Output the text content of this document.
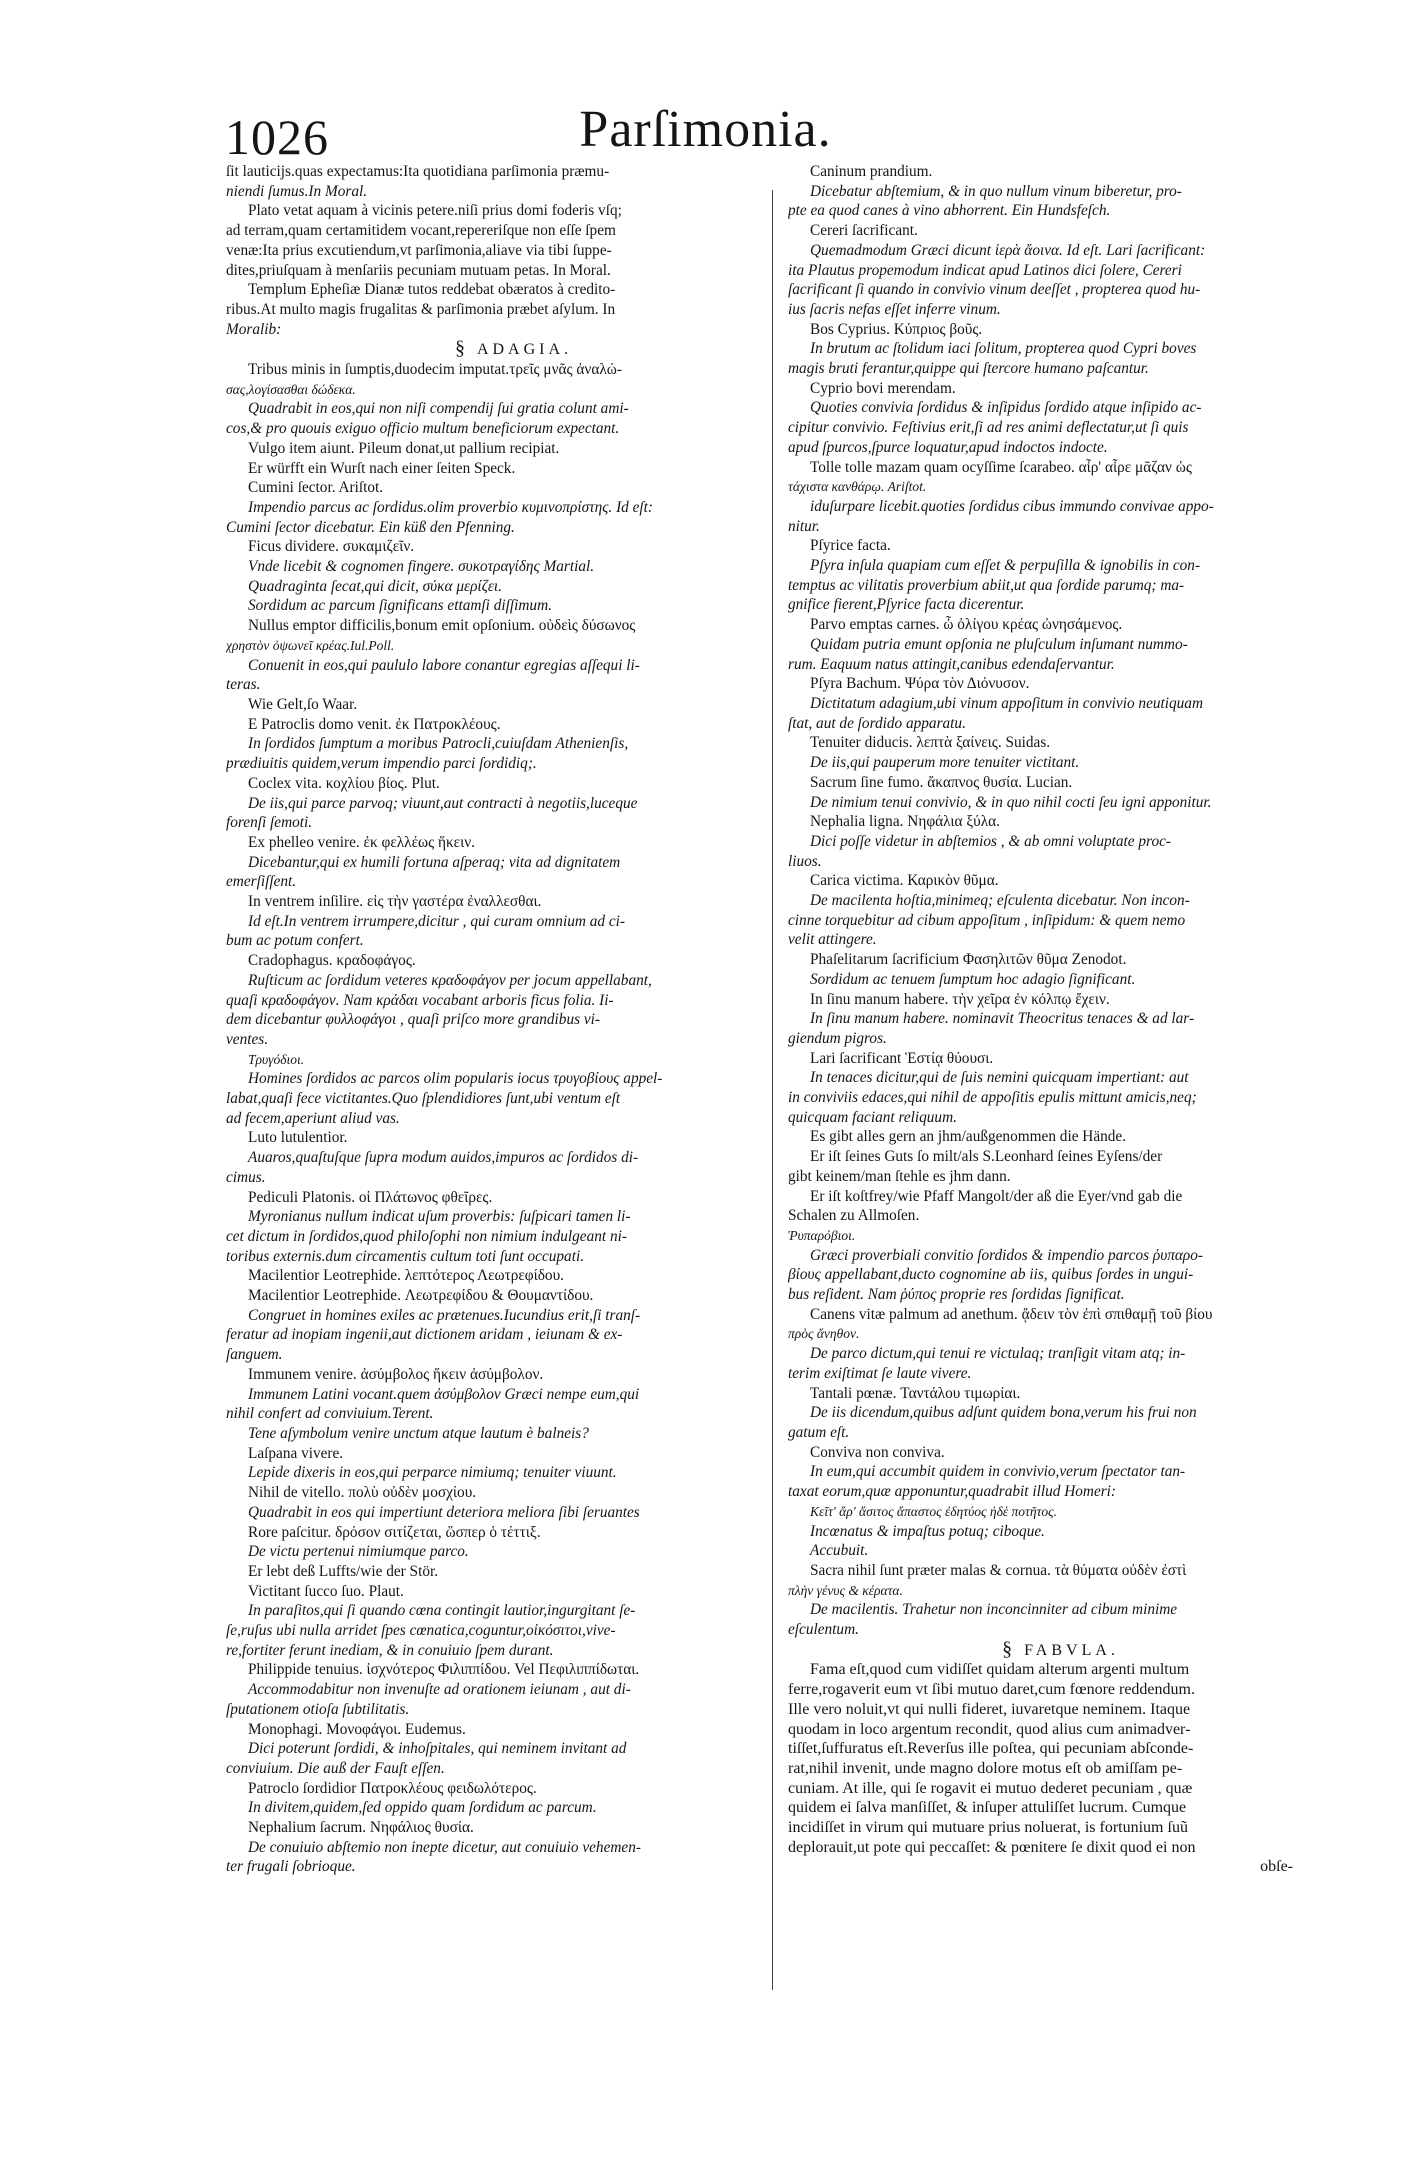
1026	Parſimonia.
ſit lauticijs.quas expectamus:Ita quotidiana parſimonia præmu-
niendi ſumus.In Moral.
Plato vetat aquam à vicinis petere.niſi prius domi foderis vſq;
ad terram,quam certamitidem vocant,repereriſque non eſſe ſpem
venæ:Ita prius excutiendum,vt parſimonia,aliave via tibi ſuppe-
dites,priuſquam à menſariis pecuniam mutuam petas. In Moral.
Templum Epheſiæ Dianæ tutos reddebat obæratos à credito-
ribus.At multo magis frugalitas & parſimonia præbet aſylum. In
Moralib:
§ ADAGIA.
Tribus minis in ſumptis,duodecim imputat.τρεῖς μνᾶς ἀναλώ-
σας,λογίσασθαι δώδεκα.
Quadrabit in eos,qui non niſi compendij ſui gratia colunt ami-
cos,& pro quouis exiguo officio multum beneficiorum expectant.
Vulgo item aiunt. Pileum donat,ut pallium recipiat.
Er würfft ein Wurſt nach einer ſeiten Speck.
Cumini ſector. Ariſtot.
Impendio parcus ac ſordidus.olim proverbio κυμινοπρίστης. Id eſt:
Cumini ſector dicebatur. Ein küß den Pfenning.
Ficus dividere. συκαμιζεῖν.
Vnde licebit & cognomen fingere. συκοτραγίδης Martial.
Quadraginta ſecat,qui dicit, σύκα μερίζει.
Sordidum ac parcum ſignificans ettamſi diſſimum.
Nullus emptor difficilis,bonum emit opſonium. οὐδεὶς δύσωνος
χρηστὸν ὀψωνεῖ κρέας.Iul.Poll.
Conuenit in eos,qui paululo labore conantur egregias aſſequi li-
teras.
Wie Gelt,ſo Waar.
E Patroclis domo venit. ἐκ Πατροκλέους.
In ſordidos ſumptum a moribus Patrocli,cuiuſdam Athenienſis,
prædiuitis quidem,verum impendio parci ſordidiq;.
Coclex vita. κοχλίου βίος. Plut.
De iis,qui parce parvoq; viuunt,aut contracti à negotiis,luceque
forenſi ſemoti.
Ex phelleo venire. ἐκ φελλέως ἥκειν.
Dicebantur,qui ex humili fortuna aſperaq; vita ad dignitatem
emerſiſſent.
In ventrem inſilire. εἰς τὴν γαστέρα ἐναλλεσθαι.
Id eſt.In ventrem irrumpere,dicitur , qui curam omnium ad ci-
bum ac potum confert.
Cradophagus. κραδοφάγος.
Ruſticum ac ſordidum veteres κραδοφάγον per jocum appellabant,
quaſi κραδοφάγον. Nam κράδαι vocabant arboris ficus folia. Ii-
dem dicebantur φυλλοφάγοι , quaſi priſco more grandibus vi-
ventes.
Τρυγόδιοι.
Homines ſordidos ac parcos olim popularis iocus τρυγοβίους appel-
labat,quaſi fece victitantes.Quo ſplendidiores ſunt,ubi ventum eſt
ad fecem,aperiunt aliud vas.
Luto lutulentior.
Auaros,quaſtuſque ſupra modum auidos,impuros ac ſordidos di-
cimus.
Pediculi Platonis. οἱ Πλάτωνος φθεῖρες.
Myronianus nullum indicat uſum proverbis: ſuſpicari tamen li-
cet dictum in ſordidos,quod philoſophi non nimium indulgeant ni-
toribus externis.dum circamentis cultum toti ſunt occupati.
Macilentior Leotrephide. λεπτότερος Λεωτρεφίδου.
Macilentior Leotrephide. Λεωτρεφίδου & Θουμαντίδου.
Congruet in homines exiles ac prætenues.Iucundius erit,ſi tranſ-
feratur ad inopiam ingenii,aut dictionem aridam , ieiunam & ex-
ſanguem.
Immunem venire. ἀσύμβολος ἥκειν ἀσύμβολον.
Immunem Latini vocant.quem ἀσύμβολον Græci nempe eum,qui
nihil confert ad conviuium.Terent.
Tene aſymbolum venire unctum atque lautum è balneis?
Laſpana vivere.
Lepide dixeris in eos,qui perparce nimiumq; tenuiter viuunt.
Nihil de vitello. πολὺ οὐδὲν μοσχίου.
Quadrabit in eos qui impertiunt deteriora meliora ſibi ſeruantes
Rore paſcitur. δρόσον σιτίζεται, ὥσπερ ὁ τέττιξ.
De victu pertenui nimiumque parco.
Er lebt deß Luffts/wie der Stör.
Victitant ſucco ſuo. Plaut.
In paraſitos,qui ſi quando cœna contingit lautior,ingurgitant ſe-
ſe,ruſus ubi nulla arridet ſpes cœnatica,coguntur,οἰκόσιτοι,vive-
re,fortiter ferunt inediam, & in conuiuio ſpem durant.
Philippide tenuius. ἰσχνότερος Φιλιππίδου. Vel Πεφιλιππίδωται.
Accommodabitur non invenuſte ad orationem ieiunam , aut di-
ſputationem otioſa ſubtilitatis.
Monophagi. Μονοφάγοι. Eudemus.
Dici poterunt ſordidi, & inhoſpitales, qui neminem invitant ad
conviuium. Die auß der Fauſt eſſen.
Patroclo ſordidior Πατροκλέους φειδωλότερος.
In divitem,quidem,ſed oppido quam ſordidum ac parcum.
Nephalium ſacrum. Νηφάλιος θυσία.
De conuiuio abſtemio non inepte dicetur, aut conuiuio vehemen-
ter frugali ſobrioque.
Caninum prandium.
Dicebatur abſtemium, & in quo nullum vinum biberetur, pro-
pte ea quod canes à vino abhorrent. Ein Hundsfeſch.
Cereri ſacrificant.
Quemadmodum Græci dicunt ἱερὰ ἄοινα. Id eſt. Lari ſacrificant:
ita Plautus propemodum indicat apud Latinos dici ſolere, Cereri
ſacrificant ſi quando in convivio vinum deeſſet , propterea quod hu-
ius ſacris nefas eſſet inferre vinum.
Bos Cyprius. Κύπριος βοῦς.
In brutum ac ſtolidum iaci ſolitum, propterea quod Cypri boves
magis bruti ferantur,quippe qui ſtercore humano paſcantur.
Cyprio bovi merendam.
Quoties convivia ſordidus & inſipidus ſordido atque inſipido ac-
cipitur convivio. Feſtivius erit,ſi ad res animi deflectatur,ut ſi quis
apud ſpurcos,ſpurce loquatur,apud indoctos indocte.
Tolle tolle mazam quam ocyſſime ſcarabeo. αἶρ' αἶρε μᾶζαν ὡς
τάχιστα κανθάρῳ. Ariſtot.
iduſurpare licebit.quoties ſordidus cibus immundo convivae appo-
nitur.
Pſyrice facta.
Pſyra inſula quapiam cum eſſet & perpuſilla & ignobilis in con-
temptus ac vilitatis proverbium abiit,ut qua ſordide parumq; ma-
gnifice fierent,Pſyrice facta dicerentur.
Parvo emptas carnes. ὦ ὀλίγου κρέας ὠνησάμενος.
Quidam putria emunt opſonia ne pluſculum inſumant nummo-
rum. Eaquum natus attingit,canibus edendaſervantur.
Pſyra Bachum. Ψύρα τὸν Διόνυσον.
Dictitatum adagium,ubi vinum appoſitum in convivio neutiquam
ſtat, aut de ſordido apparatu.
Tenuiter diducis. λεπτὰ ξαίνεις. Suidas.
De iis,qui pauperum more tenuiter victitant.
Sacrum ſine fumo. ἄκαπνος θυσία. Lucian.
De nimium tenui convivio, & in quo nihil cocti ſeu igni apponitur.
Nephalia ligna. Νηφάλια ξύλα.
Dici poſſe videtur in abſtemios , & ab omni voluptate proc-
liuos.
Carica victima. Καρικὸν θῦμα.
De macilenta hoſtia,minimeq; eſculenta dicebatur. Non incon-
cinne torquebitur ad cibum appoſitum , inſipidum: & quem nemo
velit attingere.
Phaſelitarum ſacrificium Φασηλιτῶν θῦμα Zenodot.
Sordidum ac tenuem ſumptum hoc adagio ſignificant.
In ſinu manum habere. τὴν χεῖρα ἐν κόλπῳ ἔχειν.
In ſinu manum habere. nominavit Theocritus tenaces & ad lar-
giendum pigros.
Lari ſacrificant Ἑστίᾳ θύουσι.
In tenaces dicitur,qui de ſuis nemini quicquam impertiant: aut
in conviviis edaces,qui nihil de appoſitis epulis mittunt amicis,neq;
quicquam faciant reliquum.
Es gibt alles gern an jhm/außgenommen die Hände.
Er iſt ſeines Guts ſo milt/als S.Leonhard ſeines Eyſens/der
gibt keinem/man ſtehle es jhm dann.
Er iſt koſtfrey/wie Pfaff Mangolt/der aß die Eyer/vnd gab die
Schalen zu Allmoſen.
Ῥυπαρόβιοι.
Græci proverbiali convitio ſordidos & impendio parcos ῥυπαρο-
βίους appellabant,ducto cognomine ab iis, quibus ſordes in ungui-
bus reſident. Nam ῥύπος proprie res ſordidas ſignificat.
Canens vitæ palmum ad anethum. ᾄδειν τὸν ἐπὶ σπιθαμῇ τοῦ βίου
πρὸς ἄνηθον.
De parco dictum,qui tenui re victulaq; tranſigit vitam atq; in-
terim exiſtimat ſe laute vivere.
Tantali pœnæ. Ταντάλου τιμωρίαι.
De iis dicendum,quibus adſunt quidem bona,verum his frui non
gatum eſt.
Conviva non conviva.
In eum,qui accumbit quidem in convivio,verum ſpectator tan-
taxat eorum,quæ apponuntur,quadrabit illud Homeri:
Κεῖτ' ἄρ' ἄσιτος ἄπαστος ἐδητύος ἠδὲ ποτῆτος.
Incœnatus & impaſtus potuq; ciboque.
Accubuit.
Sacra nihil ſunt præter malas & cornua. τὰ θύματα οὐδὲν ἐστὶ
πλὴν γένυς & κέρατα.
De macilentis. Trahetur non inconcinniter ad cibum minime
eſculentum.
§ FABVLA.
Fama eſt,quod cum vidiſſet quidam alterum argenti multum
ferre,rogaverit eum vt ſibi mutuo daret,cum fœnore reddendum.
Ille vero noluit,vt qui nulli fideret, iuvaretque neminem. Itaque
quodam in loco argentum recondit, quod alius cum animadver-
tiſſet,ſuffuratus eſt.Reverſus ille poſtea, qui pecuniam abſconde-
rat,nihil invenit, unde magno dolore motus eſt ob amiſſam pe-
cuniam. At ille, qui ſe rogavit ei mutuo dederet pecuniam , quæ
quidem ei ſalva manſiſſet, & inſuper attuliſſet lucrum. Cumque
incidiſſet in virum qui mutuare prius noluerat, is fortunium ſuũ
deplorauit,ut pote qui peccaſſet: & pœnitere ſe dixit quod ei non
obſe-
